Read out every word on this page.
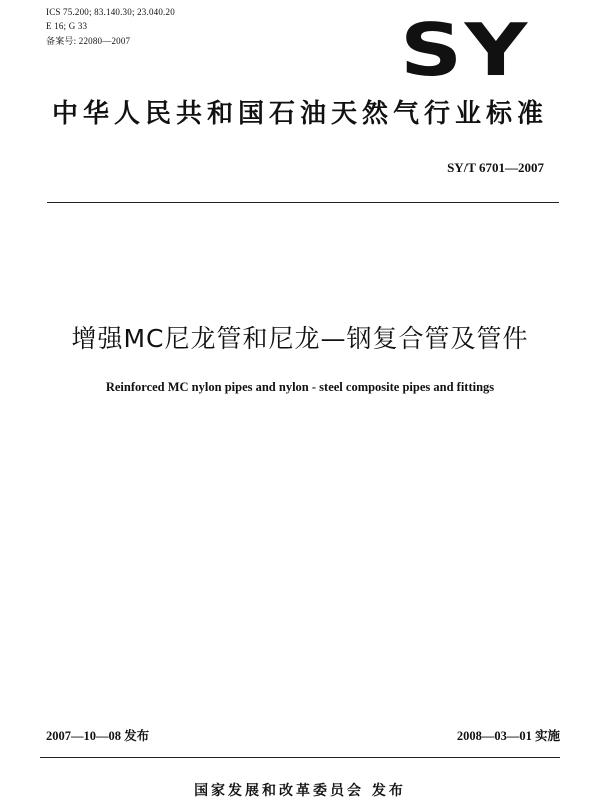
ICS 75.200; 83.140.30; 23.040.20
E 16; G 33
备案号: 22080—2007	SY
中华人民共和国石油天然气行业标准
SY/T 6701—2007
增强MC尼龙管和尼龙—钢复合管及管件
Reinforced MC nylon pipes and nylon - steel composite pipes and fittings
2007—10—08 发布	2008—03—01 实施
国家发展和改革委员会 发布
